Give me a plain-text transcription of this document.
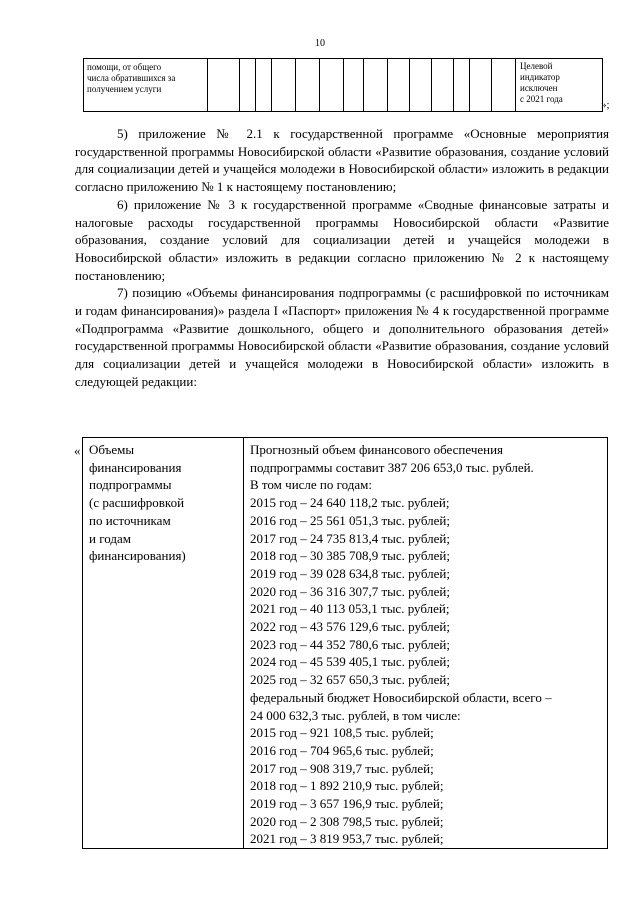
10
помощи, от общего
числа обратившихся за
получением услуги

Целевой
индикатор
исключен
с 2021 года	»;

5) приложение № 2.1 к государственной программе «Основные мероприятия государственной программы Новосибирской области «Развитие образования, создание условий для социализации детей и учащейся молодежи в Новосибирской области» изложить в редакции согласно приложению № 1 к настоящему постановлению;

6) приложение № 3 к государственной программе «Сводные финансовые затраты и налоговые расходы государственной программы Новосибирской области «Развитие образования, создание условий для социализации детей и учащейся молодежи в Новосибирской области» изложить в редакции согласно приложению № 2 к настоящему постановлению;

7) позицию «Объемы финансирования подпрограммы (с расшифровкой по источникам и годам финансирования)» раздела I «Паспорт» приложения № 4 к государственной программе «Подпрограмма «Развитие дошкольного, общего и дополнительного образования детей» государственной программы Новосибирской области «Развитие образования, создание условий для социализации детей и учащейся молодежи в Новосибирской области» изложить в следующей редакции:

« Объемы
финансирования
подпрограммы
(с расшифровкой
по источникам
и годам
финансирования)

Прогнозный объем финансового обеспечения
подпрограммы составит 387 206 653,0 тыс. рублей.
В том числе по годам:
2015 год – 24 640 118,2 тыс. рублей;
2016 год – 25 561 051,3 тыс. рублей;
2017 год – 24 735 813,4 тыс. рублей;
2018 год – 30 385 708,9 тыс. рублей;
2019 год – 39 028 634,8 тыс. рублей;
2020 год – 36 316 307,7 тыс. рублей;
2021 год – 40 113 053,1 тыс. рублей;
2022 год – 43 576 129,6 тыс. рублей;
2023 год – 44 352 780,6 тыс. рублей;
2024 год – 45 539 405,1 тыс. рублей;
2025 год – 32 657 650,3 тыс. рублей;
федеральный бюджет Новосибирской области, всего –
24 000 632,3 тыс. рублей, в том числе:
2015 год – 921 108,5 тыс. рублей;
2016 год – 704 965,6 тыс. рублей;
2017 год – 908 319,7 тыс. рублей;
2018 год – 1 892 210,9 тыс. рублей;
2019 год – 3 657 196,9 тыс. рублей;
2020 год – 2 308 798,5 тыс. рублей;
2021 год – 3 819 953,7 тыс. рублей;
